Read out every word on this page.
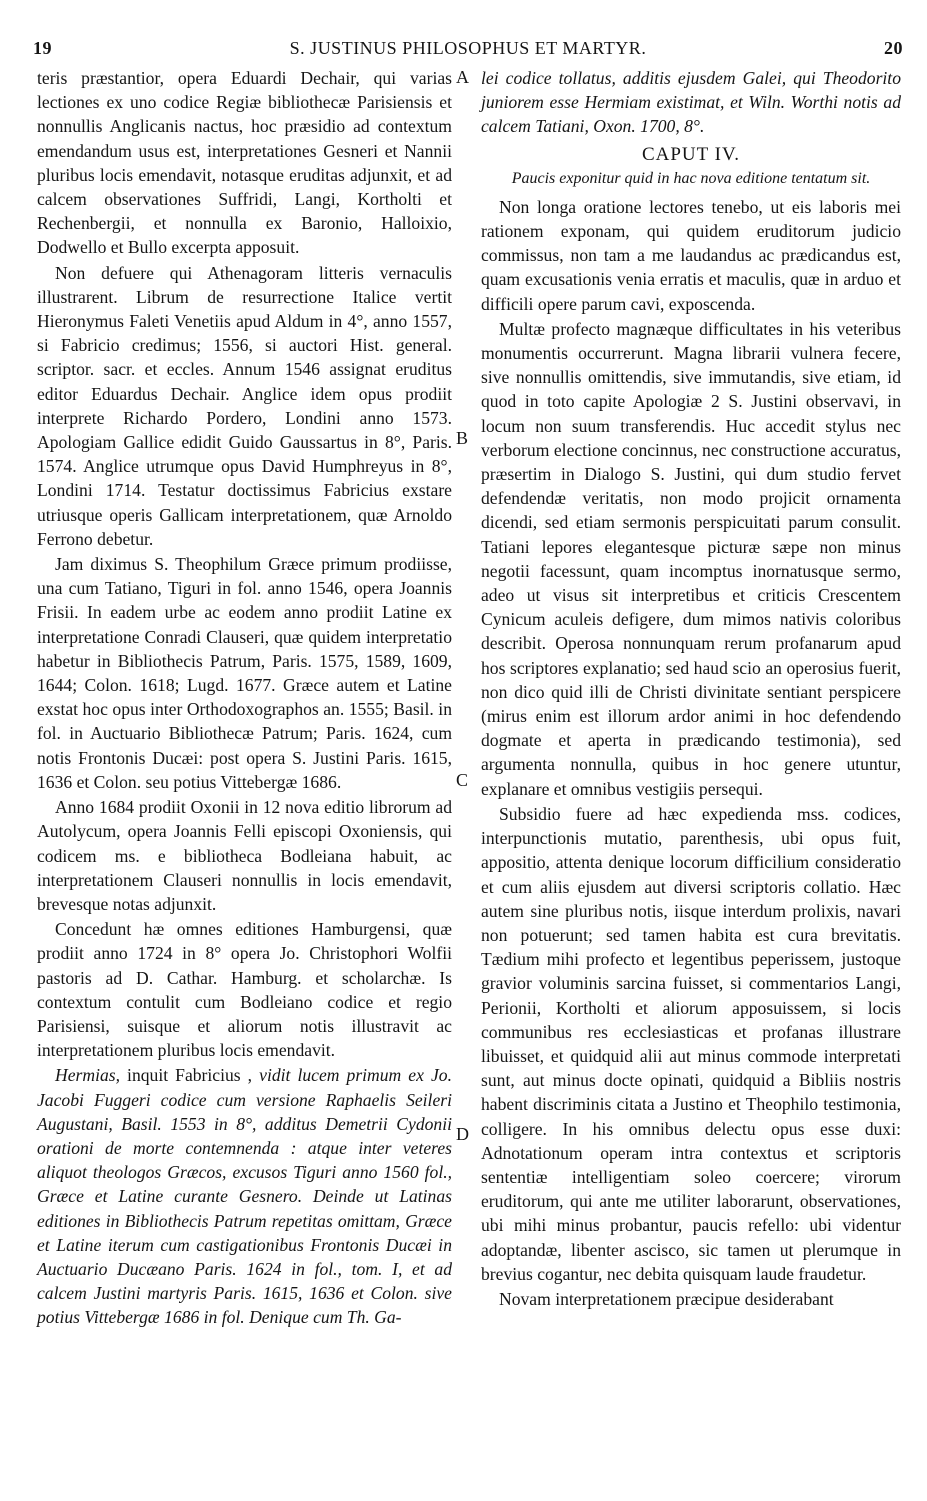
19	S. JUSTINUS PHILOSOPHUS ET MARTYR.	20
A
B
C
D

teris præstantior, opera Eduardi Dechair, qui varias lectiones ex uno codice Regiæ bibliothecæ Parisiensis et nonnullis Anglicanis nactus, hoc præsidio ad contextum emendandum usus est, interpretationes Gesneri et Nannii pluribus locis emendavit, notasque eruditas adjunxit, et ad calcem observationes Suffridi, Langi, Kortholti et Rechenbergii, et nonnulla ex Baronio, Halloixio, Dodwello et Bullo excerpta apposuit.

Non defuere qui Athenagoram litteris vernaculis illustrarent. Librum de resurrectione Italice vertit Hieronymus Faleti Venetiis apud Aldum in 4°, anno 1557, si Fabricio credimus; 1556, si auctori Hist. general. scriptor. sacr. et eccles. Annum 1546 assignat eruditus editor Eduardus Dechair. Anglice idem opus prodiit interprete Richardo Pordero, Londini anno 1573. Apologiam Gallice edidit Guido Gaussartus in 8°, Paris. 1574. Anglice utrumque opus David Humphreyus in 8°, Londini 1714. Testatur doctissimus Fabricius exstare utriusque operis Gallicam interpretationem, quæ Arnoldo Ferrono debetur.

Jam diximus S. Theophilum Græce primum prodiisse, una cum Tatiano, Tiguri in fol. anno 1546, opera Joannis Frisii. In eadem urbe ac eodem anno prodiit Latine ex interpretatione Conradi Clauseri, quæ quidem interpretatio habetur in Bibliothecis Patrum, Paris. 1575, 1589, 1609, 1644; Colon. 1618; Lugd. 1677. Græce autem et Latine exstat hoc opus inter Orthodoxographos an. 1555; Basil. in fol. in Auctuario Bibliothecæ Patrum; Paris. 1624, cum notis Frontonis Ducæi: post opera S. Justini Paris. 1615, 1636 et Colon. seu potius Vittebergæ 1686.

Anno 1684 prodiit Oxonii in 12 nova editio librorum ad Autolycum, opera Joannis Felli episcopi Oxoniensis, qui codicem ms. e bibliotheca Bodleiana habuit, ac interpretationem Clauseri nonnullis in locis emendavit, brevesque notas adjunxit.

Concedunt hæ omnes editiones Hamburgensi, quæ prodiit anno 1724 in 8° opera Jo. Christophori Wolfii pastoris ad D. Cathar. Hamburg. et scholarchæ. Is contextum contulit cum Bodleiano codice et regio Parisiensi, suisque et aliorum notis illustravit ac interpretationem pluribus locis emendavit.

Hermias, inquit Fabricius , vidit lucem primum ex Jo. Jacobi Fuggeri codice cum versione Raphaelis Seileri Augustani, Basil. 1553 in 8°, additus Demetrii Cydonii orationi de morte contemnenda : atque inter veteres aliquot theologos Græcos, excusos Tiguri anno 1560 fol., Græce et Latine curante Gesnero. Deinde ut Latinas editiones in Bibliothecis Patrum repetitas omittam, Græce et Latine iterum cum castigationibus Frontonis Ducæi in Auctuario Ducæano Paris. 1624 in fol., tom. I, et ad calcem Justini martyris Paris. 1615, 1636 et Colon. sive potius Vittebergæ 1686 in fol. Denique cum Th. Ga-

lei codice tollatus, additis ejusdem Galei, qui Theodorito juniorem esse Hermiam existimat, et Wiln. Worthi notis ad calcem Tatiani, Oxon. 1700, 8°.

CAPUT IV.
Paucis exponitur quid in hac nova editione tentatum sit.

Non longa oratione lectores tenebo, ut eis laboris mei rationem exponam, qui quidem eruditorum judicio commissus, non tam a me laudandus ac prædicandus est, quam excusationis venia erratis et maculis, quæ in arduo et difficili opere parum cavi, exposcenda.

Multæ profecto magnæque difficultates in his veteribus monumentis occurrerunt. Magna librarii vulnera fecere, sive nonnullis omittendis, sive immutandis, sive etiam, id quod in toto capite Apologiæ 2 S. Justini observavi, in locum non suum transferendis. Huc accedit stylus nec verborum electione concinnus, nec constructione accuratus, præsertim in Dialogo S. Justini, qui dum studio fervet defendendæ veritatis, non modo projicit ornamenta dicendi, sed etiam sermonis perspicuitati parum consulit. Tatiani lepores elegantesque picturæ sæpe non minus negotii facessunt, quam incomptus inornatusque sermo, adeo ut visus sit interpretibus et criticis Crescentem Cynicum aculeis defigere, dum mimos nativis coloribus describit. Operosa nonnunquam rerum profanarum apud hos scriptores explanatio; sed haud scio an operosius fuerit, non dico quid illi de Christi divinitate sentiant perspicere (mirus enim est illorum ardor animi in hoc defendendo dogmate et aperta in prædicando testimonia), sed argumenta nonnulla, quibus in hoc genere utuntur, explanare et omnibus vestigiis persequi.

Subsidio fuere ad hæc expedienda mss. codices, interpunctionis mutatio, parenthesis, ubi opus fuit, appositio, attenta denique locorum difficilium consideratio et cum aliis ejusdem aut diversi scriptoris collatio. Hæc autem sine pluribus notis, iisque interdum prolixis, navari non potuerunt; sed tamen habita est cura brevitatis. Tædium mihi profecto et legentibus peperissem, justoque gravior voluminis sarcina fuisset, si commentarios Langi, Perionii, Kortholti et aliorum apposuissem, si locis communibus res ecclesiasticas et profanas illustrare libuisset, et quidquid alii aut minus commode interpretati sunt, aut minus docte opinati, quidquid a Bibliis nostris habent discriminis citata a Justino et Theophilo testimonia, colligere. In his omnibus delectu opus esse duxi: Adnotationum operam intra contextus et scriptoris sententiæ intelligentiam soleo coercere; virorum eruditorum, qui ante me utiliter laborarunt, observationes, ubi mihi minus probantur, paucis refello: ubi videntur adoptandæ, libenter ascisco, sic tamen ut plerumque in brevius cogantur, nec debita quisquam laude fraudetur.

Novam interpretationem præcipue desiderabant
